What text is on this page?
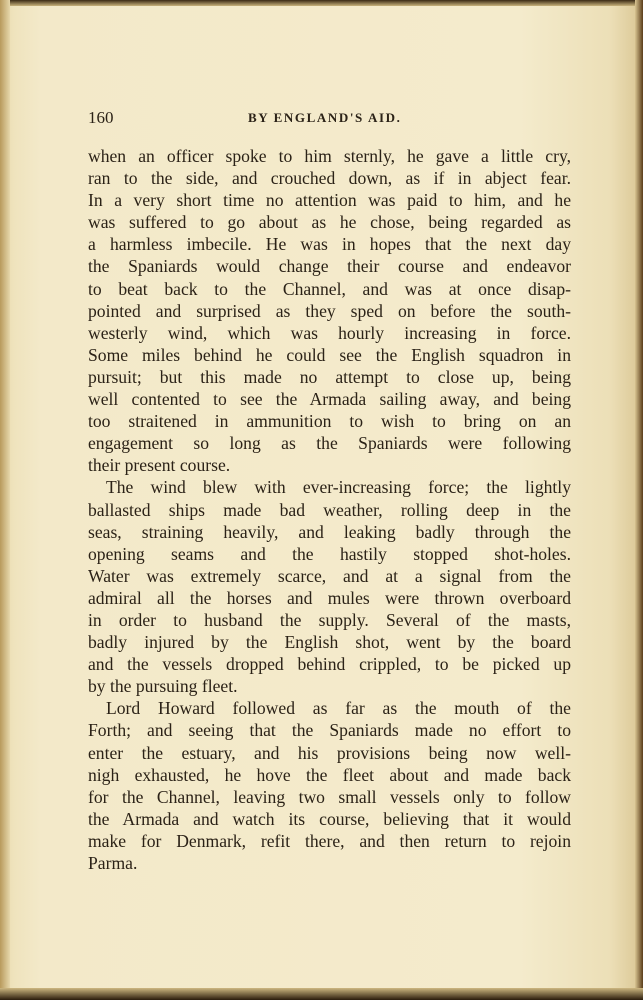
160	BY ENGLAND'S AID.
when an officer spoke to him sternly, he gave a little cry,
ran to the side, and crouched down, as if in abject fear.
In a very short time no attention was paid to him, and he
was suffered to go about as he chose, being regarded as
a harmless imbecile. He was in hopes that the next day
the Spaniards would change their course and endeavor
to beat back to the Channel, and was at once disap-
pointed and surprised as they sped on before the south-
westerly wind, which was hourly increasing in force.
Some miles behind he could see the English squadron in
pursuit; but this made no attempt to close up, being
well contented to see the Armada sailing away, and being
too straitened in ammunition to wish to bring on an
engagement so long as the Spaniards were following
their present course.
The wind blew with ever-increasing force; the lightly
ballasted ships made bad weather, rolling deep in the
seas, straining heavily, and leaking badly through the
opening seams and the hastily stopped shot-holes.
Water was extremely scarce, and at a signal from the
admiral all the horses and mules were thrown overboard
in order to husband the supply. Several of the masts,
badly injured by the English shot, went by the board
and the vessels dropped behind crippled, to be picked up
by the pursuing fleet.
Lord Howard followed as far as the mouth of the
Forth; and seeing that the Spaniards made no effort to
enter the estuary, and his provisions being now well-
nigh exhausted, he hove the fleet about and made back
for the Channel, leaving two small vessels only to follow
the Armada and watch its course, believing that it would
make for Denmark, refit there, and then return to rejoin
Parma.
